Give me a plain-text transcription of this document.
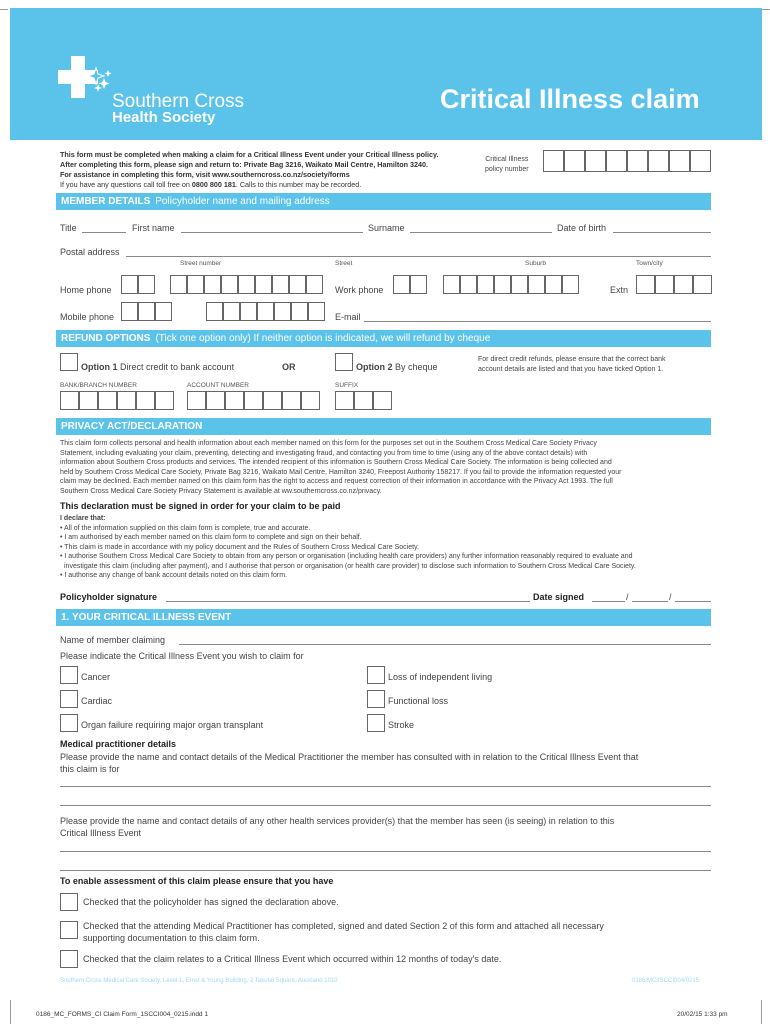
Southern Cross
Health Society
Critical Illness claim
This form must be completed when making a claim for a Critical Illness Event under your Critical Illness policy.
After completing this form, please sign and return to: Private Bag 3216, Waikato Mail Centre, Hamilton 3240.
For assistance in completing this form, visit www.southerncross.co.nz/society/forms
If you have any questions call toll free on 0800 800 181. Calls to this number may be recorded.
Critical Illness
policy number
MEMBER DETAILS Policyholder name and mailing address
Title	First name	Surname	Date of birth
Postal address
Street number	Street	Suburb	Town/city
Home phone	Work phone	Extn
Mobile phone	E-mail
REFUND OPTIONS (Tick one option only) If neither option is indicated, we will refund by cheque
Option 1 Direct credit to bank account	OR	Option 2 By cheque
For direct credit refunds, please ensure that the correct bank
account details are listed and that you have ticked Option 1.
BANK/BRANCH NUMBER	ACCOUNT NUMBER	SUFFIX
PRIVACY ACT/DECLARATION
This claim form collects personal and health information about each member named on this form for the purposes set out in the Southern Cross Medical Care Society Privacy
Statement, including evaluating your claim, preventing, detecting and investigating fraud, and contacting you from time to time (using any of the above contact details) with
information about Southern Cross products and services. The intended recipient of this information is Southern Cross Medical Care Society. The information is being collected and
held by Southern Cross Medical Care Society, Private Bag 3216, Waikato Mail Centre, Hamilton 3240, Freepost Authority 158217. If you fail to provide the information requested your
claim may be declined. Each member named on this claim form has the right to access and request correction of their information in accordance with the Privacy Act 1993. The full
Southern Cross Medical Care Society Privacy Statement is available at ww.southerncross.co.nz/privacy.
This declaration must be signed in order for your claim to be paid
I declare that:
• All of the information supplied on this claim form is complete, true and accurate.
• I am authorised by each member named on this claim form to complete and sign on their behalf.
• This claim is made in accordance with my policy document and the Rules of Southern Cross Medical Care Society.
• I authorise Southern Cross Medical Care Society to obtain from any person or organisation (including health care providers) any further information reasonably required to evaluate and
investigate this claim (including after payment), and I authorise that person or organisation (or health care provider) to disclose such information to Southern Cross Medical Care Society.
• I authorise any change of bank account details noted on this claim form.
Policyholder signature	Date signed	/	/
1. YOUR CRITICAL ILLNESS EVENT
Name of member claiming
Please indicate the Critical Illness Event you wish to claim for
Cancer	Loss of independent living
Cardiac	Functional loss
Organ failure requiring major organ transplant	Stroke
Medical practitioner details
Please provide the name and contact details of the Medical Practitioner the member has consulted with in relation to the Critical Illness Event that
this claim is for
Please provide the name and contact details of any other health services provider(s) that the member has seen (is seeing) in relation to this
Critical Illness Event
To enable assessment of this claim please ensure that you have
Checked that the policyholder has signed the declaration above.
Checked that the attending Medical Practitioner has completed, signed and dated Section 2 of this form and attached all necessary
supporting documentation to this claim form.
Checked that the claim relates to a Critical Illness Event which occurred within 12 months of today's date.
Southern Cross Medical Care Society, Level 1, Ernst & Young Building, 2 Takutai Square, Auckland 1010	0186/MC/ISCCI004/0215
0186_MC_FORMS_CI Claim Form_1SCCI004_0215.indd 1	20/02/15 1:33 pm
